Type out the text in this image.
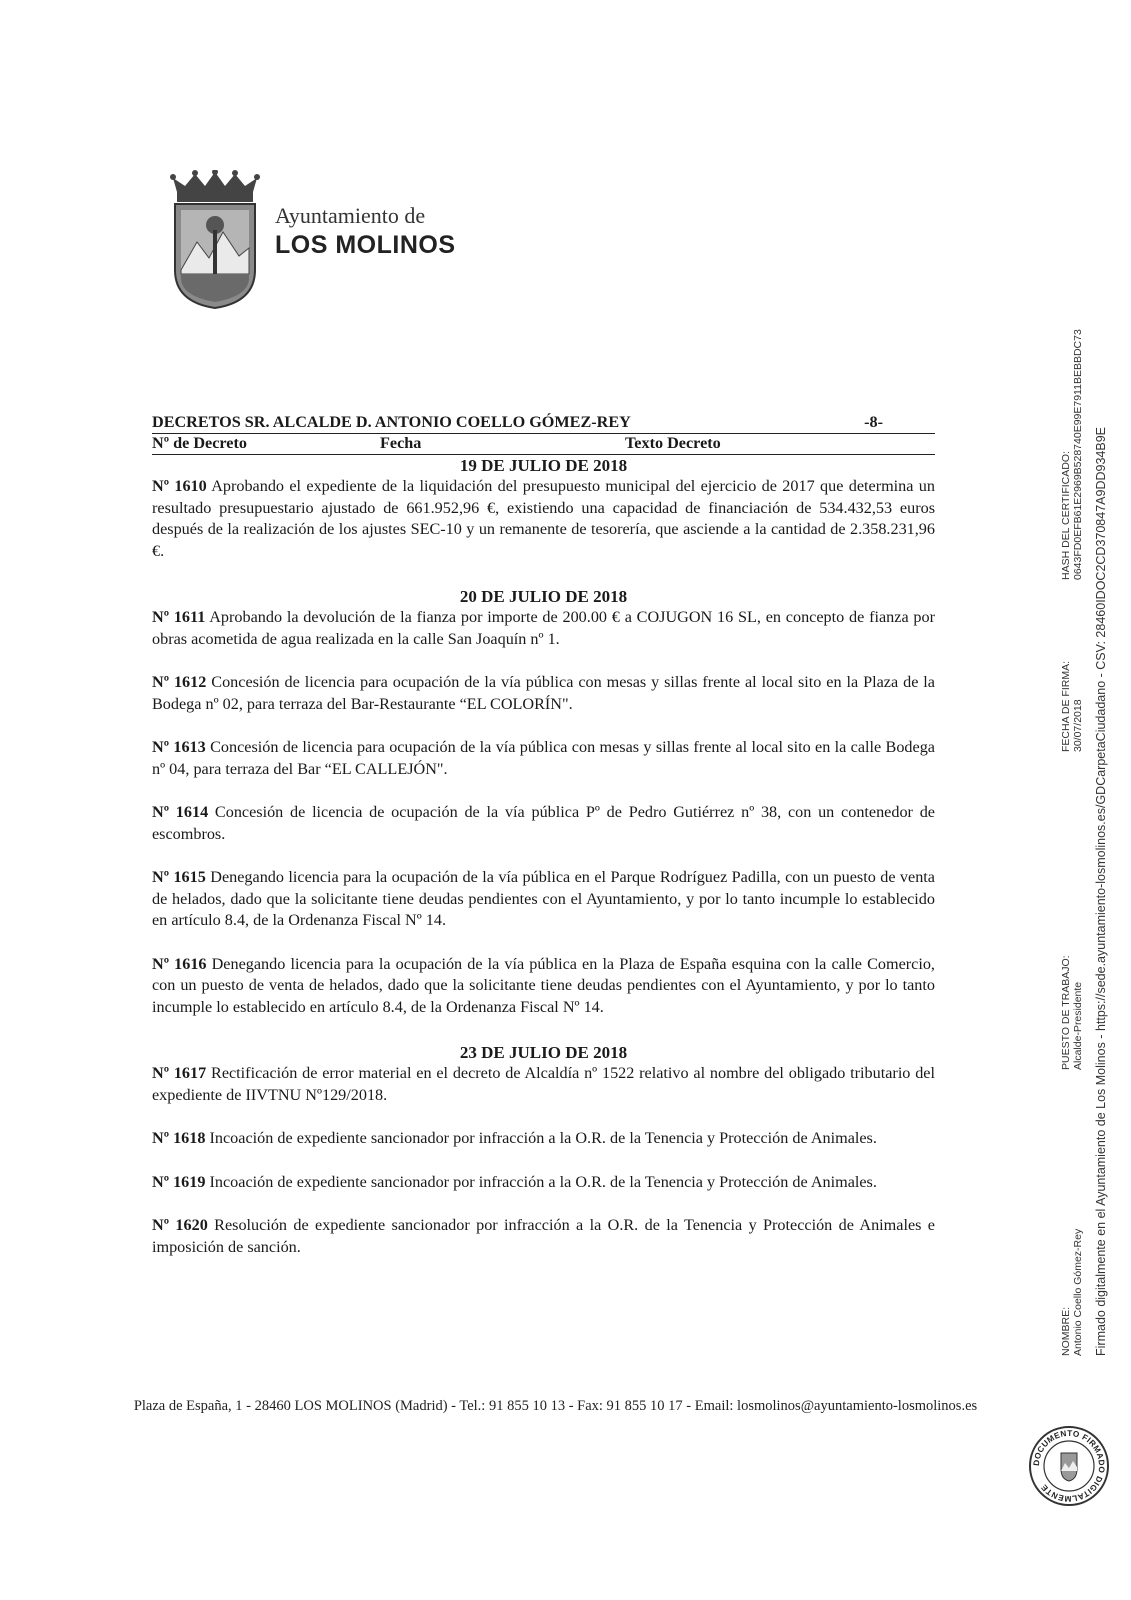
Ayuntamiento de
LOS MOLINOS
DECRETOS SR. ALCALDE D. ANTONIO COELLO GÓMEZ-REY	-8-
Nº de Decreto	Fecha	Texto Decreto
19 DE JULIO DE 2018

Nº 1610 Aprobando el expediente de la liquidación del presupuesto municipal del ejercicio de 2017 que determina un resultado presupuestario ajustado de 661.952,96 €, existiendo una capacidad de financiación de 534.432,53 euros después de la realización de los ajustes SEC-10 y un remanente de tesorería, que asciende a la cantidad de 2.358.231,96 €.

20 DE JULIO DE 2018

Nº 1611 Aprobando la devolución de la fianza por importe de 200.00 € a COJUGON 16 SL, en concepto de fianza por obras acometida de agua realizada en la calle San Joaquín nº 1.

Nº 1612 Concesión de licencia para ocupación de la vía pública con mesas y sillas frente al local sito en la Plaza de la Bodega nº 02, para terraza del Bar-Restaurante “EL COLORÍN".

Nº 1613 Concesión de licencia para ocupación de la vía pública con mesas y sillas frente al local sito en la calle Bodega nº 04, para terraza del Bar “EL CALLEJÓN".

Nº 1614 Concesión de licencia de ocupación de la vía pública Pº de Pedro Gutiérrez nº 38, con un contenedor de escombros.

Nº 1615 Denegando licencia para la ocupación de la vía pública en el Parque Rodríguez Padilla, con un puesto de venta de helados, dado que la solicitante tiene deudas pendientes con el Ayuntamiento, y por lo tanto incumple lo establecido en artículo 8.4, de la Ordenanza Fiscal Nº 14.

Nº 1616 Denegando licencia para la ocupación de la vía pública en la Plaza de España esquina con la calle Comercio, con un puesto de venta de helados, dado que la solicitante tiene deudas pendientes con el Ayuntamiento, y por lo tanto incumple lo establecido en artículo 8.4, de la Ordenanza Fiscal Nº 14.

23 DE JULIO DE 2018

Nº 1617 Rectificación de error material en el decreto de Alcaldía nº 1522 relativo al nombre del obligado tributario del expediente de IIVTNU Nº129/2018.

Nº 1618 Incoación de expediente sancionador por infracción a la O.R. de la Tenencia y Protección de Animales.

Nº 1619 Incoación de expediente sancionador por infracción a la O.R. de la Tenencia y Protección de Animales.

Nº 1620 Resolución de expediente sancionador por infracción a la O.R. de la Tenencia y Protección de Animales e imposición de sanción.

Plaza de España, 1 - 28460 LOS MOLINOS (Madrid) - Tel.: 91 855 10 13 - Fax: 91 855 10 17 - Email: losmolinos@ayuntamiento-losmolinos.es
NOMBRE: Antonio Coello Gómez-Rey
PUESTO DE TRABAJO: Alcalde-Presidente
FECHA DE FIRMA: 30/07/2018
HASH DEL CERTIFICADO: 0643FD0EFB61E2969B528740E99E7911BEBBDC73 Firmado digitalmente en el Ayuntamiento de Los Molinos - https://sede.ayuntamiento-losmolinos.es/GDCarpetaCiudadano - CSV: 28460IDOC2CD370847A9DD934B9E
DOCUMENTO FIRMADO DIGITALMENTE
